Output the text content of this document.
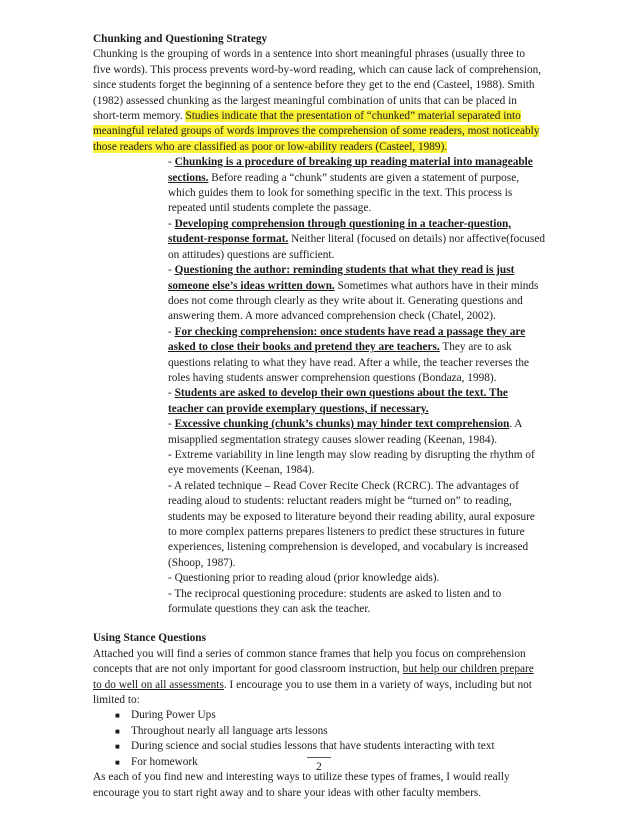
Chunking and Questioning Strategy

Chunking is the grouping of words in a sentence into short meaningful phrases (usually three to five words). This process prevents word-by-word reading, which can cause lack of comprehension, since students forget the beginning of a sentence before they get to the end (Casteel, 1988). Smith (1982) assessed chunking as the largest meaningful combination of units that can be placed in short-term memory. Studies indicate that the presentation of “chunked” material separated into meaningful related groups of words improves the comprehension of some readers, most noticeably those readers who are classified as poor or low-ability readers (Casteel, 1989).

- Chunking is a procedure of breaking up reading material into manageable sections. Before reading a “chunk” students are given a statement of purpose, which guides them to look for something specific in the text. This process is repeated until students complete the passage.

- Developing comprehension through questioning in a teacher-question, student-response format. Neither literal (focused on details) nor affective(focused on attitudes) questions are sufficient.

- Questioning the author: reminding students that what they read is just someone else’s ideas written down. Sometimes what authors have in their minds does not come through clearly as they write about it. Generating questions and answering them. A more advanced comprehension check (Chatel, 2002).

- For checking comprehension: once students have read a passage they are asked to close their books and pretend they are teachers. They are to ask questions relating to what they have read. After a while, the teacher reverses the roles having students answer comprehension questions (Bondaza, 1998).

- Students are asked to develop their own questions about the text. The teacher can provide exemplary questions, if necessary.

- Excessive chunking (chunk’s chunks) may hinder text comprehension. A misapplied segmentation strategy causes slower reading (Keenan, 1984).

- Extreme variability in line length may slow reading by disrupting the rhythm of eye movements (Keenan, 1984).

- A related technique – Read Cover Recite Check (RCRC). The advantages of reading aloud to students: reluctant readers might be “turned on” to reading, students may be exposed to literature beyond their reading ability, aural exposure to more complex patterns prepares listeners to predict these structures in future experiences, listening comprehension is developed, and vocabulary is increased (Shoop, 1987).

- Questioning prior to reading aloud (prior knowledge aids).

- The reciprocal questioning procedure: students are asked to listen and to formulate questions they can ask the teacher.

Using Stance Questions

Attached you will find a series of common stance frames that help you focus on comprehension concepts that are not only important for good classroom instruction, but help our children prepare to do well on all assessments. I encourage you to use them in a variety of ways, including but not limited to:

■ During Power Ups
■ Throughout nearly all language arts lessons
■ During science and social studies lessons that have students interacting with text
■ For homework

As each of you find new and interesting ways to utilize these types of frames, I would really encourage you to start right away and to share your ideas with other faculty members.

2
